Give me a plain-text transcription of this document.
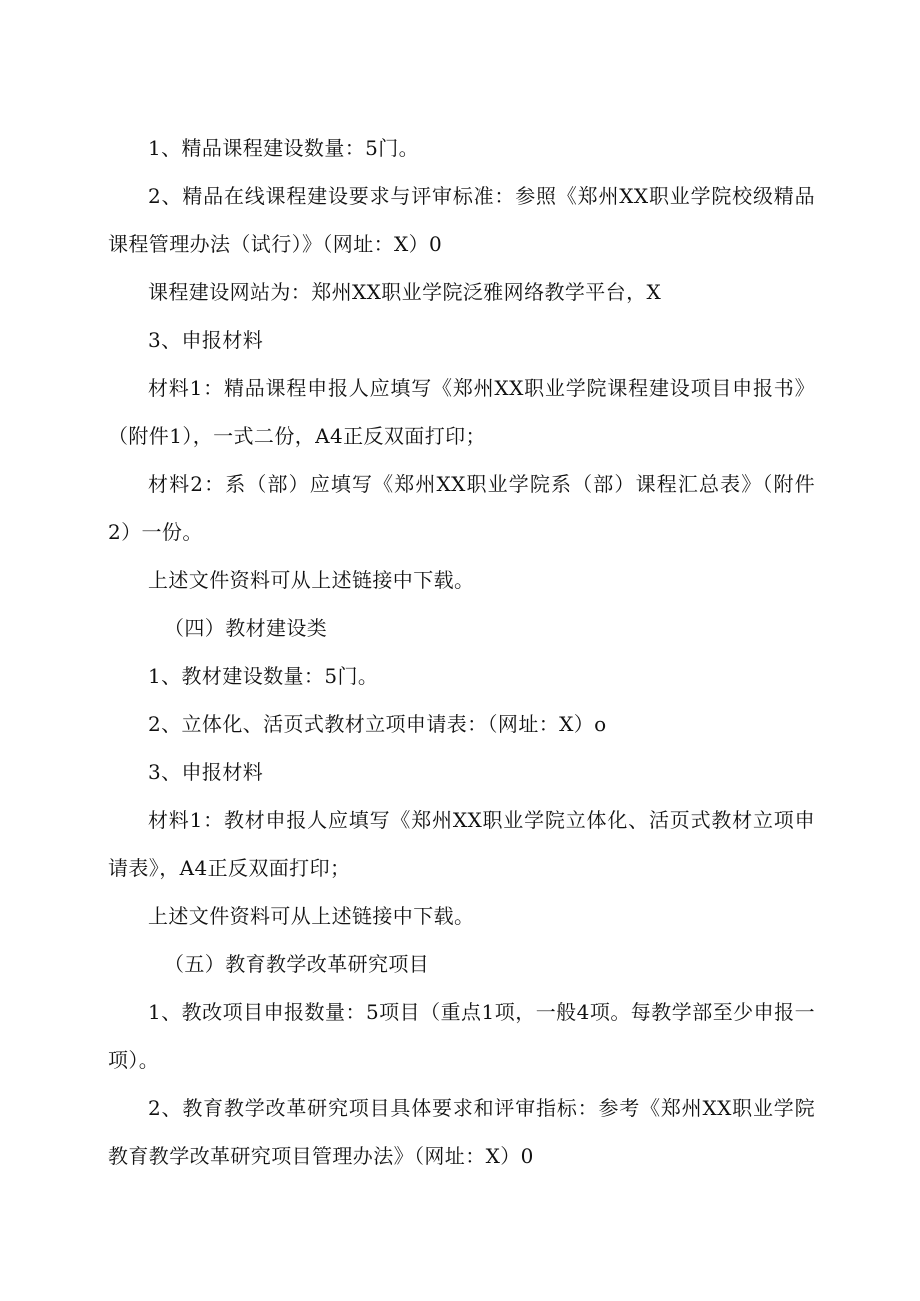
1、精品课程建设数量：5门。

2、精品在线课程建设要求与评审标准：参照《郑州XX职业学院校级精品课程管理办法（试行）》（网址：X）0

课程建设网站为：郑州XX职业学院泛雅网络教学平台，X

3、申报材料

材料1：精品课程申报人应填写《郑州XX职业学院课程建设项目申报书》（附件1），一式二份，A4正反双面打印；

材料2：系（部）应填写《郑州XX职业学院系（部）课程汇总表》（附件2）一份。

上述文件资料可从上述链接中下载。

（四）教材建设类

1、教材建设数量：5门。

2、立体化、活页式教材立项申请表：（网址：X）o

3、申报材料

材料1：教材申报人应填写《郑州XX职业学院立体化、活页式教材立项申请表》，A4正反双面打印；

上述文件资料可从上述链接中下载。

（五）教育教学改革研究项目

1、教改项目申报数量：5项目（重点1项，一般4项。每教学部至少申报一项）。

2、教育教学改革研究项目具体要求和评审指标：参考《郑州XX职业学院教育教学改革研究项目管理办法》（网址：X）0
